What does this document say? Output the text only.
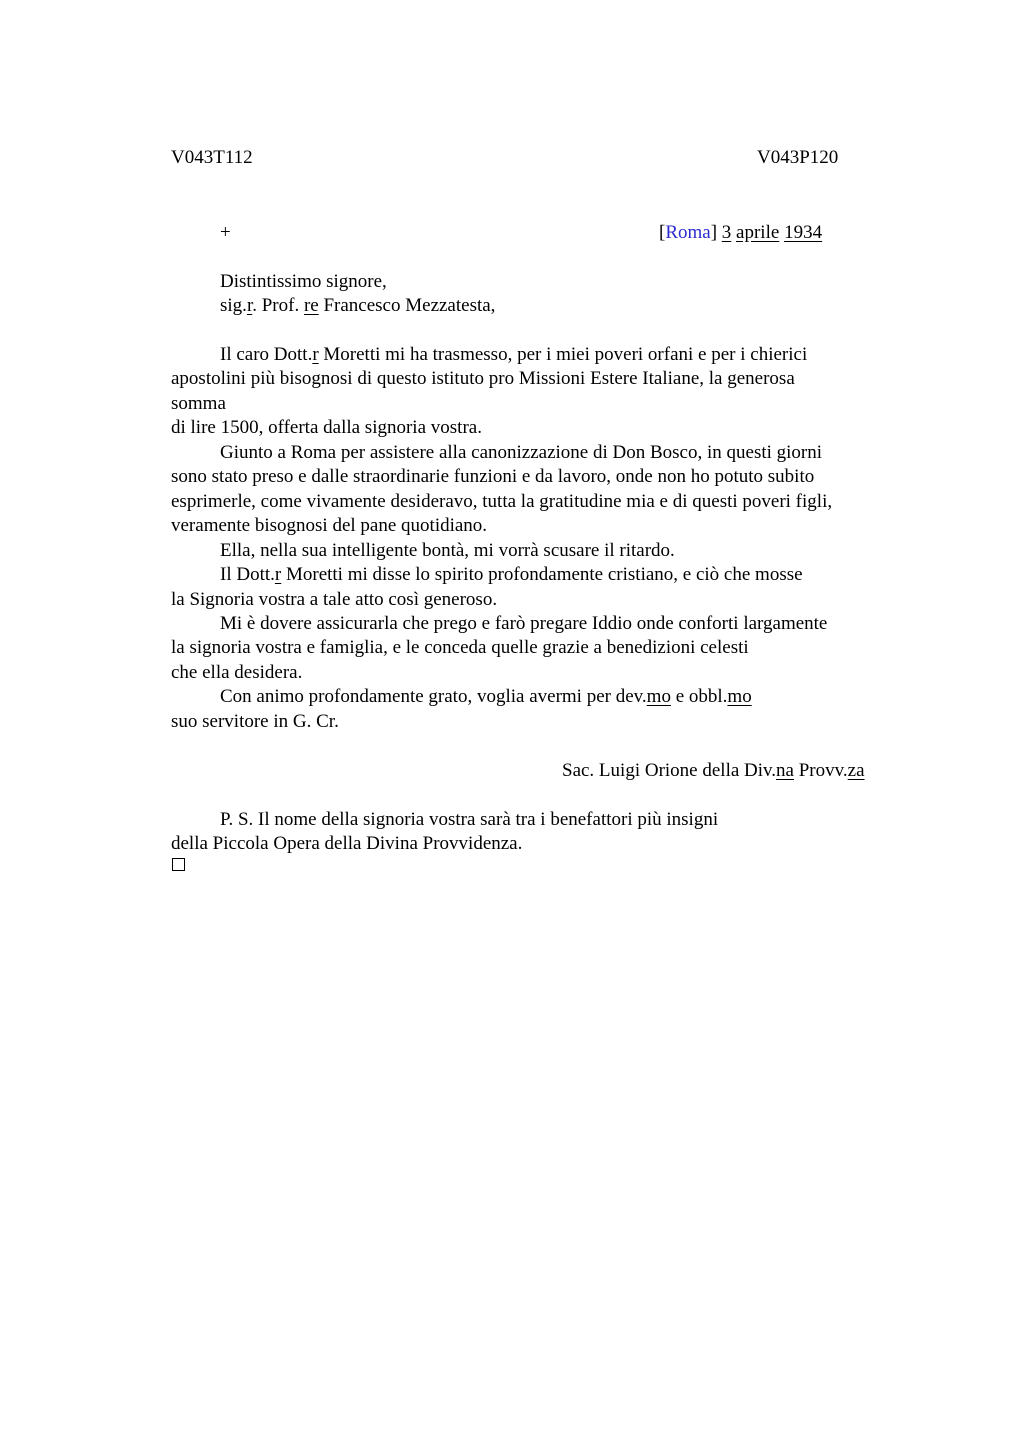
V043T112	V043P120
+	[Roma] 3 aprile 1934
Distintissimo signore,
sig.r. Prof. re Francesco Mezzatesta,
Il caro Dott.r Moretti mi ha trasmesso, per i miei poveri orfani e per i chierici
apostolini più bisognosi di questo istituto pro Missioni Estere Italiane, la generosa
somma
di lire 1500, offerta dalla signoria vostra.
Giunto a Roma per assistere alla canonizzazione di Don Bosco, in questi giorni
sono stato preso e dalle straordinarie funzioni e da lavoro, onde non ho potuto subito
esprimerle, come vivamente desideravo, tutta la gratitudine mia e di questi poveri figli,
veramente bisognosi del pane quotidiano.
Ella, nella sua intelligente bontà, mi vorrà scusare il ritardo.
Il Dott.r Moretti mi disse lo spirito profondamente cristiano, e ciò che mosse
la Signoria vostra a tale atto così generoso.
Mi è dovere assicurarla che prego e farò pregare Iddio onde conforti largamente
la signoria vostra e famiglia, e le conceda quelle grazie a benedizioni celesti
che ella desidera.
Con animo profondamente grato, voglia avermi per dev.mo e obbl.mo
suo servitore in G. Cr.
Sac. Luigi Orione della Div.na Provv.za
P. S. Il nome della signoria vostra sarà tra i benefattori più insigni
della Piccola Opera della Divina Provvidenza.
